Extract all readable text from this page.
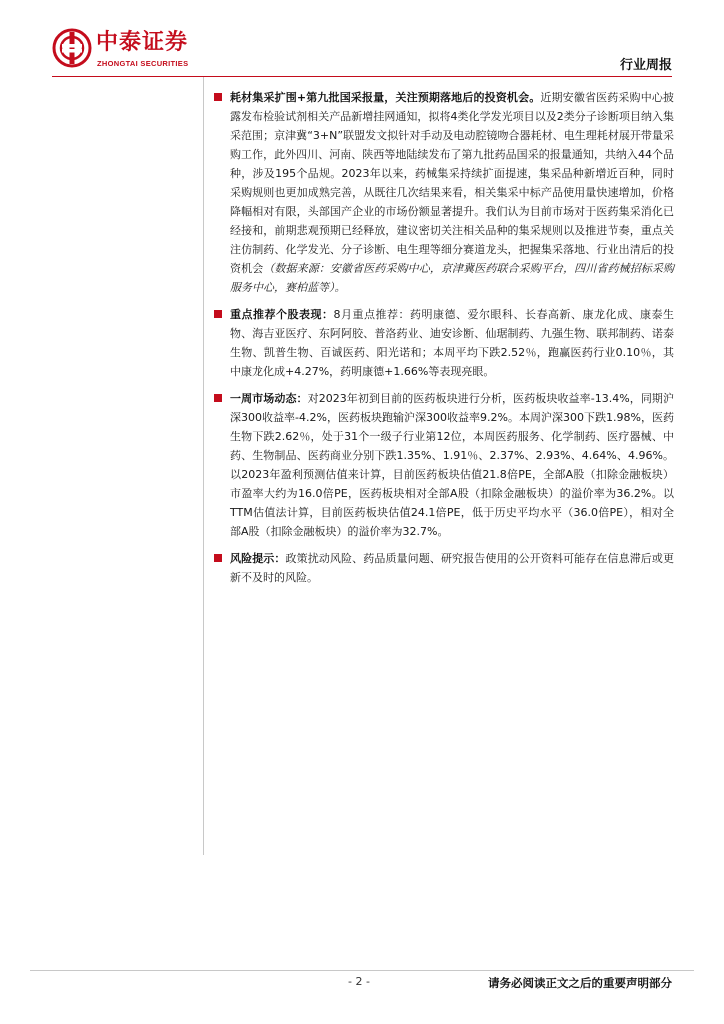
中泰证券
ZHONGTAI SECURITIES	行业周报
耗材集采扩围+第九批国采报量，关注预期落地后的投资机会。近期安徽省医药采购中心披露发布检验试剂相关产品新增挂网通知，拟将4类化学发光项目以及2类分子诊断项目纳入集采范围；京津冀“3+N”联盟发文拟针对手动及电动腔镜吻合器耗材、电生理耗材展开带量采购工作，此外四川、河南、陕西等地陆续发布了第九批药品国采的报量通知，共纳入44个品种，涉及195个品规。2023年以来，药械集采持续扩面提速，集采品种新增近百种，同时采购规则也更加成熟完善，从既往几次结果来看，相关集采中标产品使用量快速增加，价格降幅相对有限，头部国产企业的市场份额显著提升。我们认为目前市场对于医药集采消化已经接和，前期悲观预期已经释放，建议密切关注相关品种的集采规则以及推进节奏，重点关注仿制药、化学发光、分子诊断、电生理等细分赛道龙头，把握集采落地、行业出清后的投资机会（数据来源：安徽省医药采购中心，京津冀医药联合采购平台，四川省药械招标采购服务中心，赛柏蓝等）。
重点推荐个股表现：8月重点推荐：药明康德、爱尔眼科、长春高新、康龙化成、康泰生物、海吉亚医疗、东阿阿胶、普洛药业、迪安诊断、仙琚制药、九强生物、联邦制药、诺泰生物、凯普生物、百诚医药、阳光诺和；本周平均下跌2.52％，跑赢医药行业0.10％，其中康龙化成+4.27%，药明康德+1.66%等表现亮眼。
一周市场动态：对2023年初到目前的医药板块进行分析，医药板块收益率-13.4%，同期沪深300收益率-4.2%，医药板块跑输沪深300收益率9.2%。本周沪深300下跌1.98%，医药生物下跌2.62％，处于31个一级子行业第12位，本周医药服务、化学制药、医疗器械、中药、生物制品、医药商业分别下跌1.35%、1.91％、2.37%、2.93%、4.64%、4.96%。以2023年盈利预测估值来计算，目前医药板块估值21.8倍PE，全部A股（扣除金融板块）市盈率大约为16.0倍PE，医药板块相对全部A股（扣除金融板块）的溢价率为36.2%。以TTM估值法计算，目前医药板块估值24.1倍PE，低于历史平均水平（36.0倍PE），相对全部A股（扣除金融板块）的溢价率为32.7%。
风险提示：政策扰动风险、药品质量问题、研究报告使用的公开资料可能存在信息滞后或更新不及时的风险。
- 2 -	请务必阅读正文之后的重要声明部分
